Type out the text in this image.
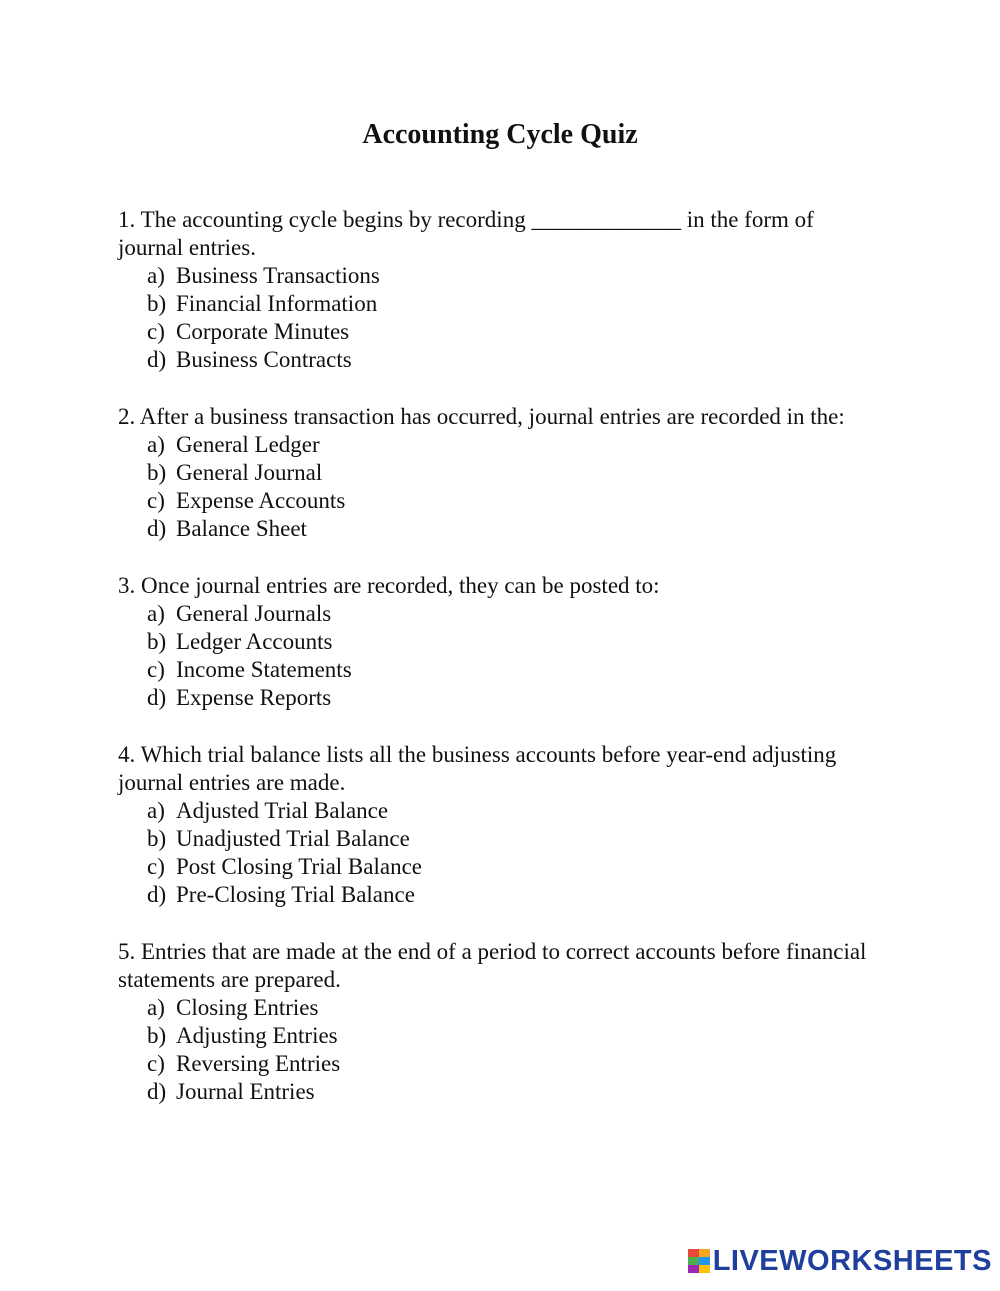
Accounting Cycle Quiz
1. The accounting cycle begins by recording _____________ in the form of journal entries.
a) Business Transactions
b) Financial Information
c) Corporate Minutes
d) Business Contracts
2. After a business transaction has occurred, journal entries are recorded in the:
a) General Ledger
b) General Journal
c) Expense Accounts
d) Balance Sheet
3. Once journal entries are recorded, they can be posted to:
a) General Journals
b) Ledger Accounts
c) Income Statements
d) Expense Reports
4. Which trial balance lists all the business accounts before year-end adjusting journal entries are made.
a) Adjusted Trial Balance
b) Unadjusted Trial Balance
c) Post Closing Trial Balance
d) Pre-Closing Trial Balance
5. Entries that are made at the end of a period to correct accounts before financial statements are prepared.
a) Closing Entries
b) Adjusting Entries
c) Reversing Entries
d) Journal Entries
LIVEWORKSHEETS
